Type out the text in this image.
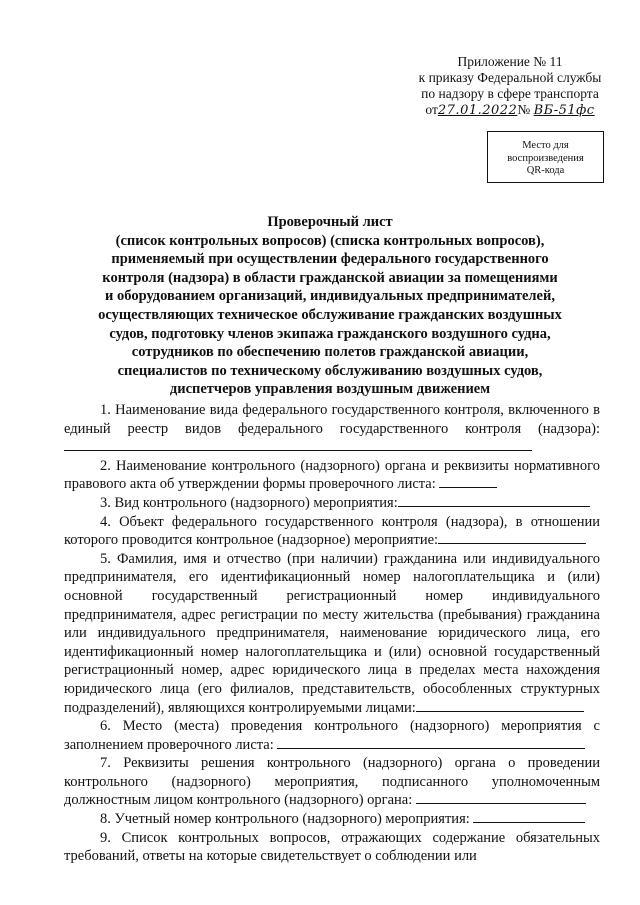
Приложение № 11
к приказу Федеральной службы
по надзору в сфере транспорта
от27.01.2022№ ВБ-51фс
Место для
воспроизведения
QR-кода
Проверочный лист
(список контрольных вопросов) (списка контрольных вопросов),
применяемый при осуществлении федерального государственного
контроля (надзора) в области гражданской авиации за помещениями
и оборудованием организаций, индивидуальных предпринимателей,
осуществляющих техническое обслуживание гражданских воздушных
судов, подготовку членов экипажа гражданского воздушного судна,
сотрудников по обеспечению полетов гражданской авиации,
специалистов по техническому обслуживанию воздушных судов,
диспетчеров управления воздушным движением

1. Наименование вида федерального государственного контроля, включенного в единый реестр видов федерального государственного контроля (надзора):

2. Наименование контрольного (надзорного) органа и реквизиты нормативного правового акта об утверждении формы проверочного листа:

3. Вид контрольного (надзорного) мероприятия:

4. Объект федерального государственного контроля (надзора), в отношении которого проводится контрольное (надзорное) мероприятие:

5. Фамилия, имя и отчество (при наличии) гражданина или индивидуального предпринимателя, его идентификационный номер налогоплательщика и (или) основной государственный регистрационный номер индивидуального предпринимателя, адрес регистрации по месту жительства (пребывания) гражданина или индивидуального предпринимателя, наименование юридического лица, его идентификационный номер налогоплательщика и (или) основной государственный регистрационный номер, адрес юридического лица в пределах места нахождения юридического лица (его филиалов, представительств, обособленных структурных подразделений), являющихся контролируемыми лицами:

6. Место (места) проведения контрольного (надзорного) мероприятия с заполнением проверочного листа:

7. Реквизиты решения контрольного (надзорного) органа о проведении контрольного (надзорного) мероприятия, подписанного уполномоченным должностным лицом контрольного (надзорного) органа:

8. Учетный номер контрольного (надзорного) мероприятия:

9. Список контрольных вопросов, отражающих содержание обязательных требований, ответы на которые свидетельствует о соблюдении или
